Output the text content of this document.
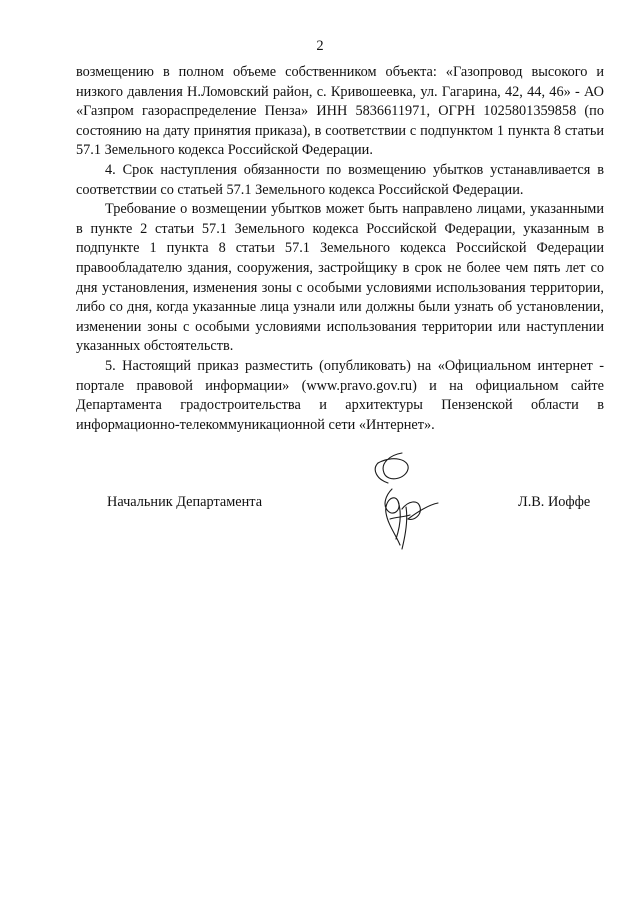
2

возмещению в полном объеме собственником объекта: «Газопровод высокого и низкого давления Н.Ломовский район, с. Кривошеевка, ул. Гагарина, 42, 44, 46» - АО «Газпром газораспределение Пенза» ИНН 5836611971, ОГРН 1025801359858 (по состоянию на дату принятия приказа), в соответствии с подпунктом 1 пункта 8 статьи 57.1 Земельного кодекса Российской Федерации.

4. Срок наступления обязанности по возмещению убытков устанавливается в соответствии со статьей 57.1 Земельного кодекса Российской Федерации.

Требование о возмещении убытков может быть направлено лицами, указанными в пункте 2 статьи 57.1 Земельного кодекса Российской Федерации, указанным в подпункте 1 пункта 8 статьи 57.1 Земельного кодекса Российской Федерации правообладателю здания, сооружения, застройщику в срок не более чем пять лет со дня установления, изменения зоны с особыми условиями использования территории, либо со дня, когда указанные лица узнали или должны были узнать об установлении, изменении зоны с особыми условиями использования территории или наступлении указанных обстоятельств.

5. Настоящий приказ разместить (опубликовать) на «Официальном интернет - портале правовой информации» (www.pravo.gov.ru) и на официальном сайте Департамента градостроительства и архитектуры Пензенской области в информационно-телекоммуникационной сети «Интернет».

Начальник Департамента	Л.В. Иоффе
